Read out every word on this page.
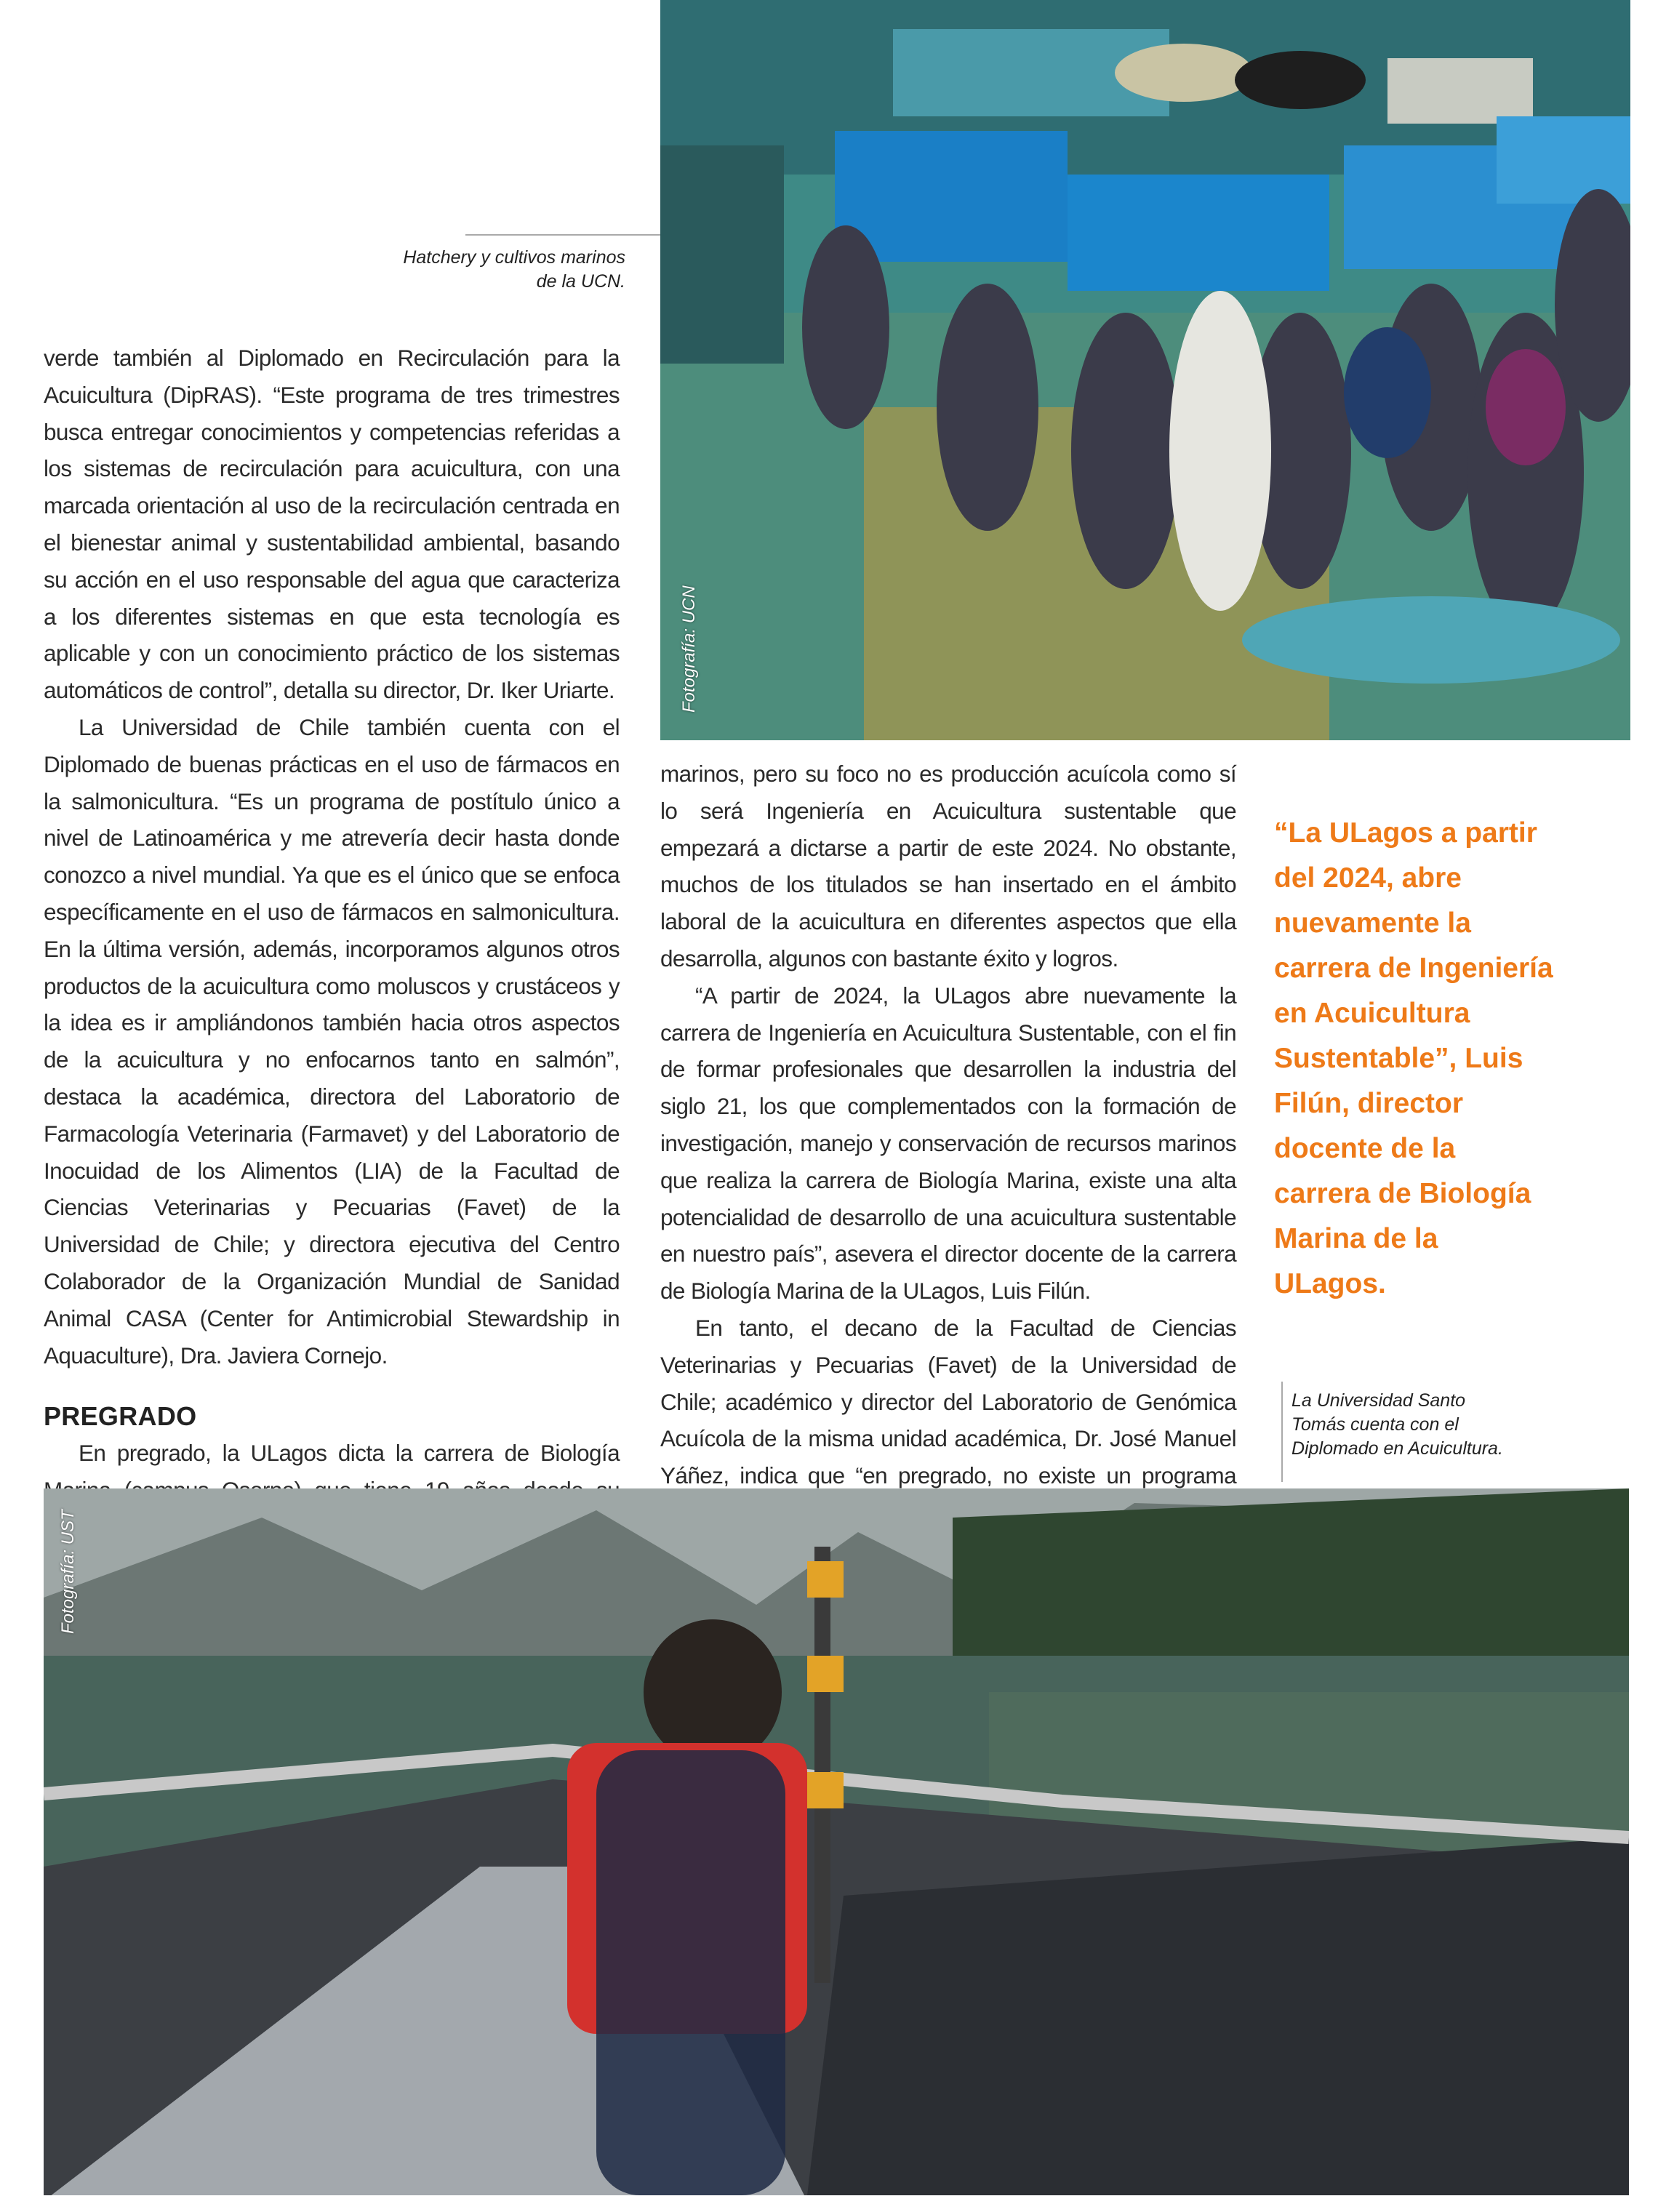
Fotografía: UCN
Hatchery y cultivos marinos de la UCN.

verde también al Diplomado en Recirculación para la Acuicultura (DipRAS). “Este programa de tres trimestres busca entregar conocimientos y competencias referidas a los sistemas de recirculación para acuicultura, con una marcada orientación al uso de la recirculación centrada en el bienestar animal y sustentabilidad ambiental, basando su acción en el uso responsable del agua que caracteriza a los diferentes sistemas en que esta tecnología es aplicable y con un conocimiento práctico de los sistemas automáticos de control”, detalla su director, Dr. Iker Uriarte.

La Universidad de Chile también cuenta con el Diplomado de buenas prácticas en el uso de fármacos en la salmonicultura. “Es un programa de postítulo único a nivel de Latinoamérica y me atrevería decir hasta donde conozco a nivel mundial. Ya que es el único que se enfoca específicamente en el uso de fármacos en salmonicultura. En la última versión, además, incorporamos algunos otros productos de la acuicultura como moluscos y crustáceos y la idea es ir ampliándonos también hacia otros aspectos de la acuicultura y no enfocarnos tanto en salmón”, destaca la académica, directora del Laboratorio de Farmacología Veterinaria (Farmavet) y del Laboratorio de Inocuidad de los Alimentos (LIA) de la Facultad de Ciencias Veterinarias y Pecuarias (Favet) de la Universidad de Chile; y directora ejecutiva del Centro Colaborador de la Organización Mundial de Sanidad Animal CASA (Center for Antimicrobial Stewardship in Aquaculture), Dra. Javiera Cornejo.

PREGRADO

En pregrado, la ULagos dicta la carrera de Biología

marinos, pero su foco no es producción acuícola como sí lo será Ingeniería en Acuicultura sustentable que empezará a dictarse a partir de este 2024. No obstante, muchos de los titulados se han insertado en el ámbito laboral de la acuicultura en diferentes aspectos que ella desarrolla, algunos con bastante éxito y logros.

“A partir de 2024, la ULagos abre nuevamente la carrera de Ingeniería en Acuicultura Sustentable, con el fin de formar profesionales que desarrollen la industria del siglo 21, los que complementados con la formación de investigación, manejo y conservación de recursos marinos que realiza la carrera de Biología Marina, existe una alta potencialidad de desarrollo de una acuicultura sustentable en nuestro país”, asevera el director docente de la carrera de Biología Marina de la ULagos, Luis Filún.

En tanto, el decano de la Facultad de Ciencias Veterinarias y Pecuarias (Favet) de la Universidad de Chile; académico y director del Laboratorio de Genómica Acuícola de la misma unidad académica, Dr. José Manuel Yáñez, indica que “en pregrado, no existe un programa

“La ULagos a partir del 2024, abre nuevamente la carrera de Ingeniería en Acuicultura Sustentable”, Luis Filún, director docente de la carrera de Biología Marina de la ULagos.
La Universidad Santo Tomás cuenta con el Diplomado en Acuicultura.
Fotografía: UST
